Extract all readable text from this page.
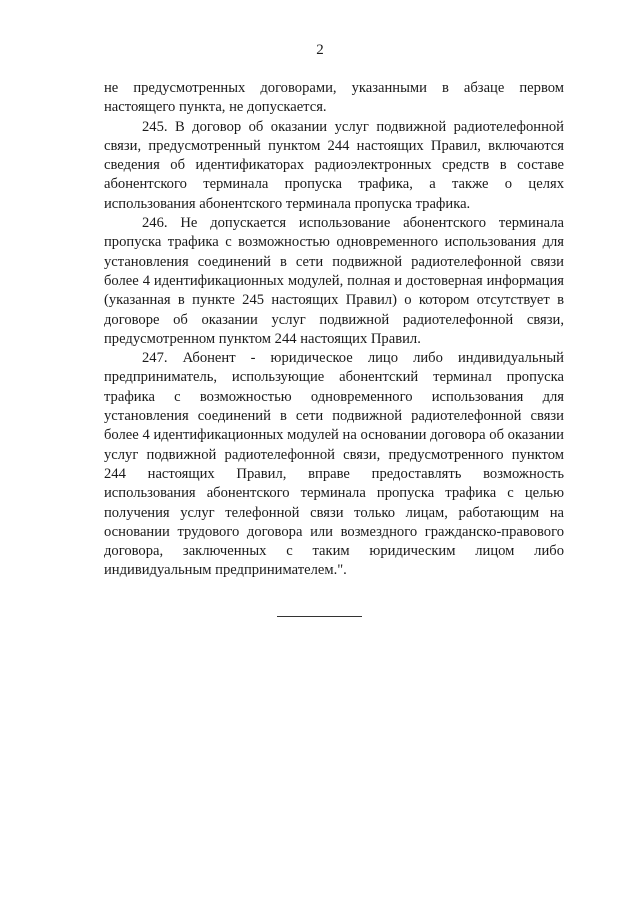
2

не предусмотренных договорами, указанными в абзаце первом настоящего пункта, не допускается.

245. В договор об оказании услуг подвижной радиотелефонной связи, предусмотренный пунктом 244 настоящих Правил, включаются сведения об идентификаторах радиоэлектронных средств в составе абонентского терминала пропуска трафика, а также о целях использования абонентского терминала пропуска трафика.

246. Не допускается использование абонентского терминала пропуска трафика с возможностью одновременного использования для установления соединений в сети подвижной радиотелефонной связи более 4 идентификационных модулей, полная и достоверная информация (указанная в пункте 245 настоящих Правил) о котором отсутствует в договоре об оказании услуг подвижной радиотелефонной связи, предусмотренном пунктом 244 настоящих Правил.

247. Абонент - юридическое лицо либо индивидуальный предприниматель, использующие абонентский терминал пропуска трафика с возможностью одновременного использования для установления соединений в сети подвижной радиотелефонной связи более 4 идентификационных модулей на основании договора об оказании услуг подвижной радиотелефонной связи, предусмотренного пунктом 244 настоящих Правил, вправе предоставлять возможность использования абонентского терминала пропуска трафика с целью получения услуг телефонной связи только лицам, работающим на основании трудового договора или возмездного гражданско-правового договора, заключенных с таким юридическим лицом либо индивидуальным предпринимателем.".
